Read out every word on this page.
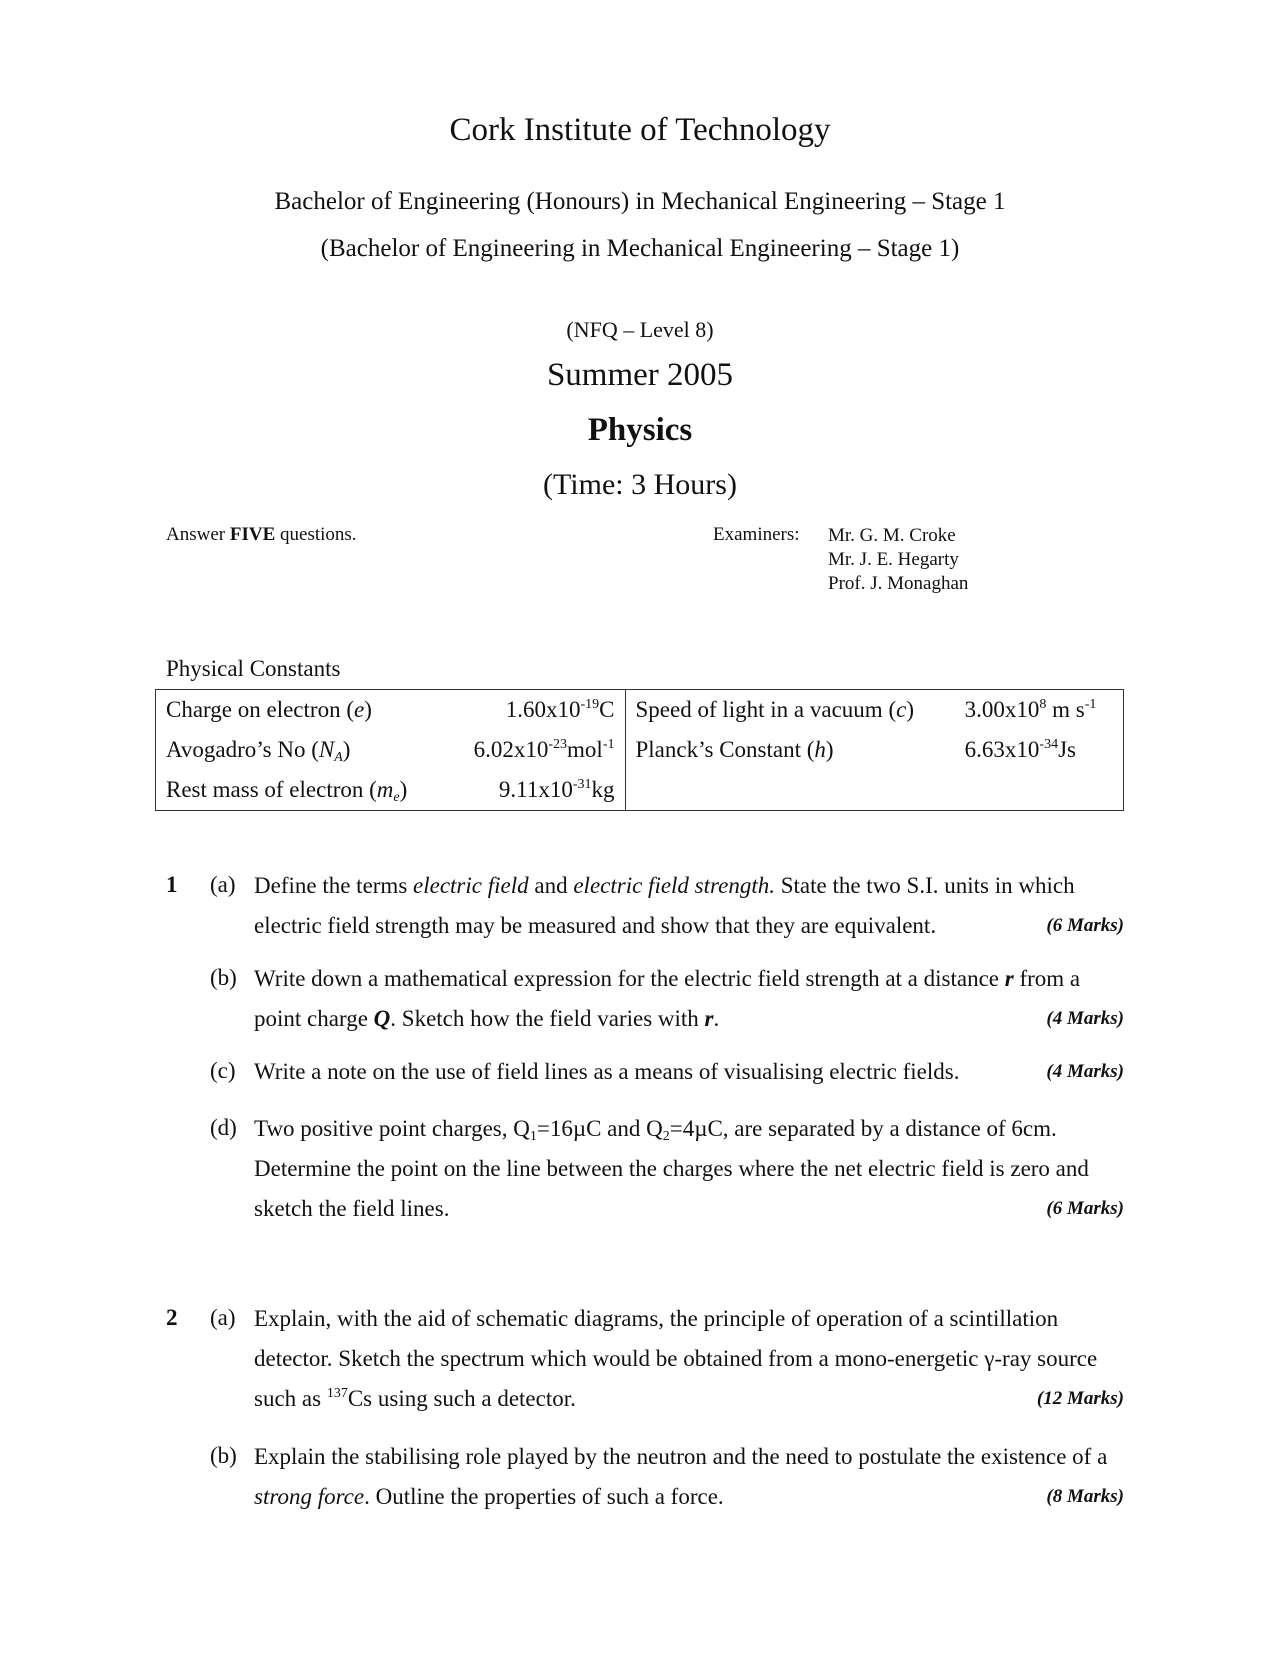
Cork Institute of Technology
Bachelor of Engineering (Honours) in Mechanical Engineering – Stage 1
(Bachelor of Engineering in Mechanical Engineering – Stage 1)
(NFQ – Level 8)
Summer 2005
Physics
(Time: 3 Hours)
Answer FIVE questions.	Examiners: Mr. G. M. Croke
Mr. J. E. Hegarty
Prof. J. Monaghan
Physical Constants
Charge on electron (e)	$1.60x10^{-19}C$	Speed of light in a vacuum (c)	$3.00x10^8$ m $s^{-1}$
Avogadro’s No $(N_A)$	$6.02x10^{-23}mol^{-1}$	Planck’s Constant (h)	$6.63x10^{-34}Js$
Rest mass of electron $(m_e)$	$9.11x10^{-31}kg$		
1 (a) Define the terms electric field and electric field strength. State the two S.I. units in which electric field strength may be measured and show that they are equivalent.	(6 Marks)
(b) Write down a mathematical expression for the electric field strength at a distance r from a point charge Q. Sketch how the field varies with r.	(4 Marks)
(c) Write a note on the use of field lines as a means of visualising electric fields.	(4 Marks)
(d) Two positive point charges, $Q_1=16\mu C$ and $Q_2=4\mu C$, are separated by a distance of 6cm. Determine the point on the line between the charges where the net electric field is zero and sketch the field lines.	(6 Marks)
2 (a) Explain, with the aid of schematic diagrams, the principle of operation of a scintillation detector. Sketch the spectrum which would be obtained from a mono-energetic γ-ray source such as $^{137}$Cs using such a detector.	(12 Marks)
(b) Explain the stabilising role played by the neutron and the need to postulate the existence of a strong force. Outline the properties of such a force.	(8 Marks)
